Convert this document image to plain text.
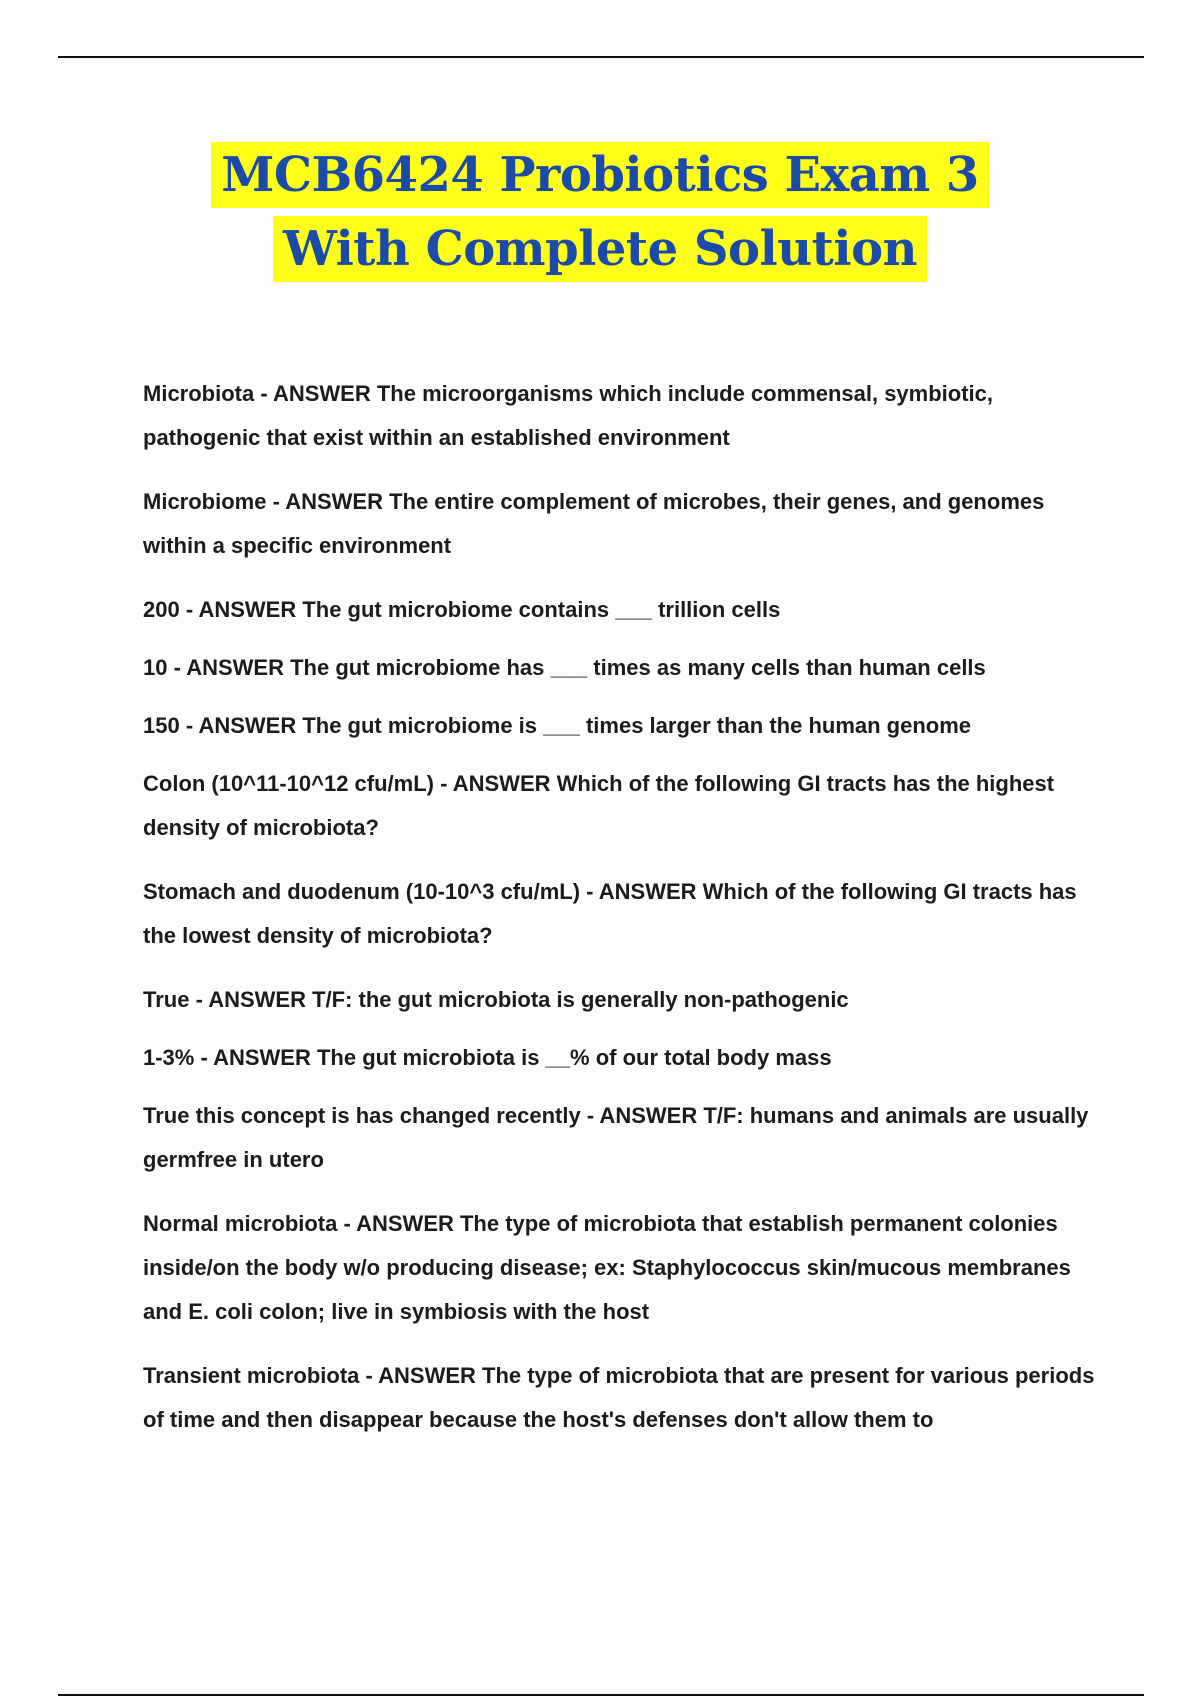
MCB6424 Probiotics Exam 3
With Complete Solution

Microbiota - ANSWER The microorganisms which include commensal, symbiotic, pathogenic that exist within an established environment

Microbiome - ANSWER The entire complement of microbes, their genes, and genomes within a specific environment

200 - ANSWER The gut microbiome contains ___ trillion cells

10 - ANSWER The gut microbiome has ___ times as many cells than human cells

150 - ANSWER The gut microbiome is ___ times larger than the human genome

Colon (10^11-10^12 cfu/mL) - ANSWER Which of the following GI tracts has the highest density of microbiota?

Stomach and duodenum (10-10^3 cfu/mL) - ANSWER Which of the following GI tracts has the lowest density of microbiota?

True - ANSWER T/F: the gut microbiota is generally non-pathogenic

1-3% - ANSWER The gut microbiota is __% of our total body mass

True this concept is has changed recently - ANSWER T/F: humans and animals are usually germfree in utero

Normal microbiota - ANSWER The type of microbiota that establish permanent colonies inside/on the body w/o producing disease; ex: Staphylococcus skin/mucous membranes and E. coli colon; live in symbiosis with the host

Transient microbiota - ANSWER The type of microbiota that are present for various periods of time and then disappear because the host's defenses don't allow them to
